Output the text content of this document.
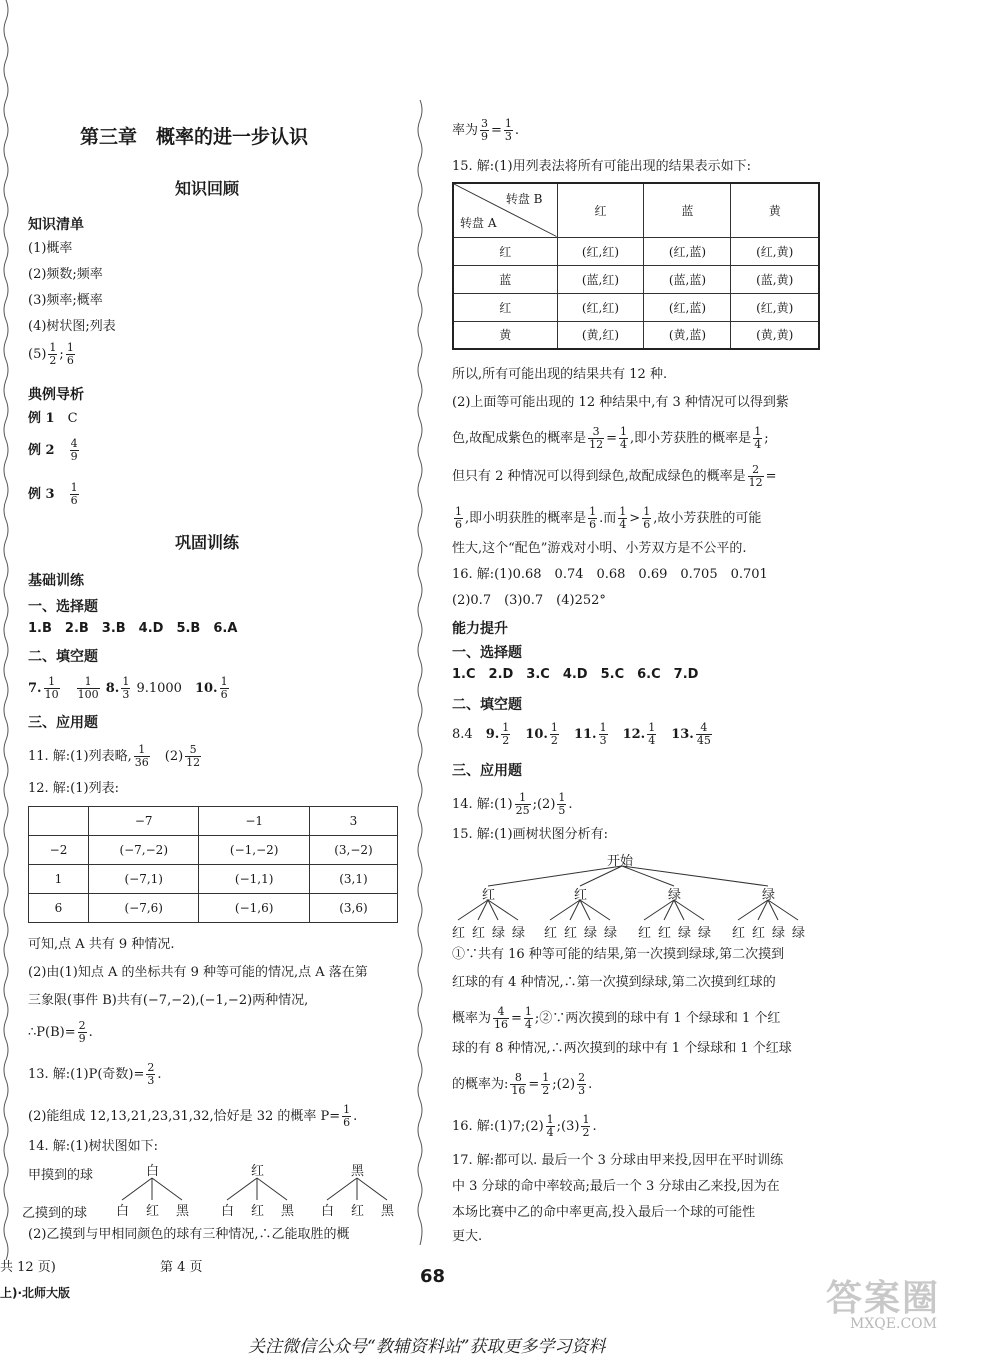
第三章　概率的进一步认识
知识回顾
知识清单
(1)概率
(2)频数;频率
(3)频率;概率
(4)树状图;列表
$(5) \frac{1}{2}$ ; $\frac{1}{6}$
典例导析
例 1　 C
例 2　 $\frac{4}{9}$
例 3　 $\frac{1}{6}$
巩固训练
基础训练
一、选择题
1.B　2.B　3.B　4.D　5.B　6.A
二、填空题
7. $\frac{1}{10}$
　 $\frac{1}{100} 8$. $\frac{1}{3} 9.1000$　 10. $\frac{1}{6}$
三、应用题
11. 解:(1)列表略, $\frac{1}{36}$
　 $(2) \frac{5}{12}$
12. 解:(1)列表:
	−7	−1	3
−2	(−7,−2)	(−1,−2)	(3,−2)
1	(−7,1)	(−1,1)	(3,1)
6	(−7,6)	(−1,6)	(3,6)
可知,点 A 共有 9 种情况.
(2)由(1)知点 A 的坐标共有 9 种等可能的情况,点 A 落在第
三象限(事件 B)共有(−7,−2),(−1,−2)两种情况,
∴P(B)= $\frac{2}{9}$ .
13. 解:(1)P(奇数)= $\frac{2}{3}$ .
(2)能组成 12,13,21,23,31,32,恰好是 32 的概率 $P= \frac{1}{6}$ .
14. 解:(1)树状图如下:
甲摸到的球
乙摸到的球
白	红	黑
白 红 黑 白 红 黑 白 红 黑
(2)乙摸到与甲相同颜色的球有三种情况,∴乙能取胜的概
率为 $\frac{3}{9} = \frac{1}{3}$ .
15. 解:(1)用列表法将所有可能出现的结果表示如下:
转盘 B
转盘 A	红	蓝	黄
红	(红,红)	(红,蓝)	(红,黄)
蓝	(蓝,红)	(蓝,蓝)	(蓝,黄)
红	(红,红)	(红,蓝)	(红,黄)
黄	(黄,红)	(黄,蓝)	(黄,黄)
所以,所有可能出现的结果共有 12 种.
(2)上面等可能出现的 12 种结果中,有 3 种情况可以得到紫
色,故配成紫色的概率是 $\frac{3}{12} = \frac{1}{4}$ ,即小芳获胜的概率是 $\frac{1}{4}$ ;
但只有 2 种情况可以得到绿色,故配成绿色的概率是 $\frac{2}{12}$ =
$\frac{1}{6}$ ,即小明获胜的概率是 $\frac{1}{6}$ .而 $\frac{1}{4} > \frac{1}{6}$ ,故小芳获胜的可能
性大,这个“配色”游戏对小明、小芳双方是不公平的.
16. 解:(1)0.68　0.74　0.68　0.69　0.705　0.701
(2)0.7　(3)0.7　(4)252°
能力提升
一、选择题
1.C　2.D　3.C　4.D　5.C　6.C　7.D
二、填空题
8.4　 9. $\frac{1}{2}$
　 10. $\frac{1}{2}$
　 11. $\frac{1}{3}$
　 12. $\frac{1}{4}$
　 13. $\frac{4}{45}$
三、应用题
14. 解:(1) $\frac{1}{25}$ ;(2) $\frac{1}{5}$ .
15. 解:(1)画树状图分析有:
开始
红	红	绿	绿
红 红 绿 绿 红 红 绿 绿 红 红 绿 绿 红 红 绿 绿
①∵共有 16 种等可能的结果,第一次摸到绿球,第二次摸到
红球的有 4 种情况,∴第一次摸到绿球,第二次摸到红球的
概率为 $\frac{4}{16} = \frac{1}{4}$ ;②∵两次摸到的球中有 1 个绿球和 1 个红
球的有 8 种情况,∴两次摸到的球中有 1 个绿球和 1 个红球
的概率为: $\frac{8}{16} = \frac{1}{2}$ ;(2) $\frac{2}{3}$ .
16. 解:(1)7;(2) $\frac{1}{4}$ ;(3) $\frac{1}{2}$ .
17. 解:都可以. 最后一个 3 分球由甲来投,因甲在平时训练
中 3 分球的命中率较高;最后一个 3 分球由乙来投,因为在
本场比赛中乙的命中率更高,投入最后一个球的可能性
更大.
共 12 页)	第 4 页
上)·北师大版
68
答案圈
MXQE.COM
关注微信公众号“教辅资料站”获取更多学习资料
